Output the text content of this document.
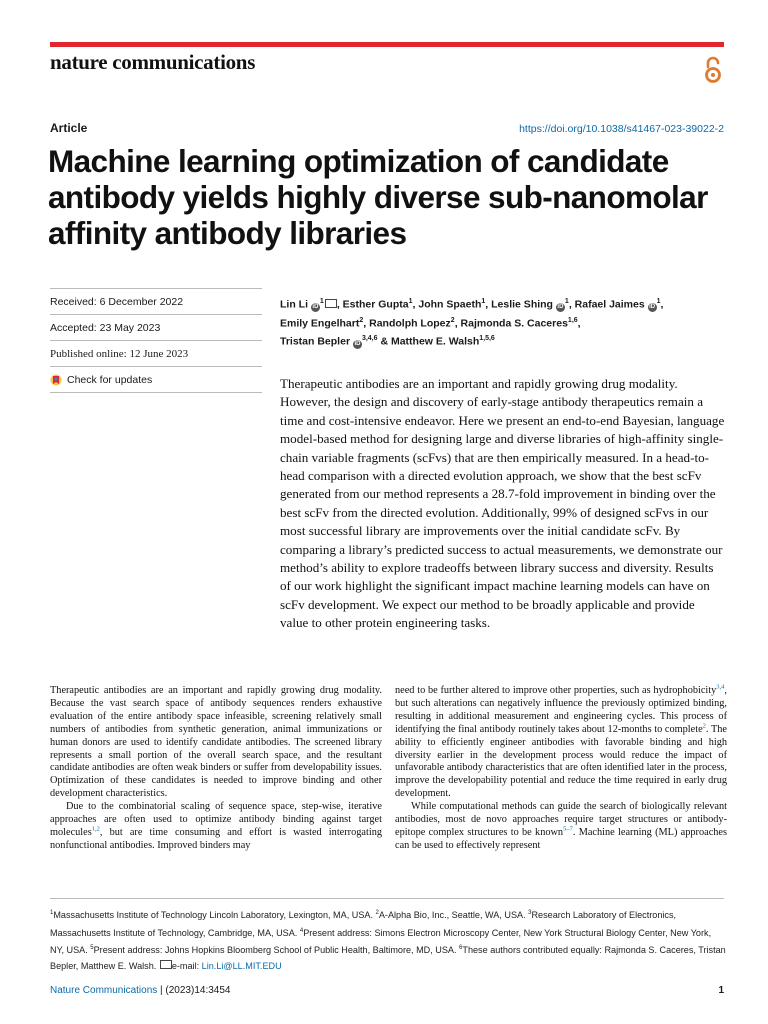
nature communications
Article	https://doi.org/10.1038/s41467-023-39022-2
Machine learning optimization of candidate antibody yields highly diverse sub-nanomolar affinity antibody libraries
Received: 6 December 2022
Accepted: 23 May 2023
Published online: 12 June 2023
Check for updates
Lin Li $iD^1$ , Esther Gupta$^1$, John Spaeth$^1$, Leslie Shing $iD^1$, Rafael Jaimes $iD^1$,
Emily Engelhart$^2$, Randolph Lopez$^2$, Rajmonda S. Caceres$^{1,6}$,
Tristan Bepler iD$^{3,4,6}$ & Matthew E. Walsh$^{1,5,6}$

Therapeutic antibodies are an important and rapidly growing drug modality. However, the design and discovery of early-stage antibody therapeutics remain a time and cost-intensive endeavor. Here we present an end-to-end Bayesian, language model-based method for designing large and diverse libraries of high-affinity single-chain variable fragments (scFvs) that are then empirically measured. In a head-to-head comparison with a directed evolution approach, we show that the best scFv generated from our method represents a 28.7-fold improvement in binding over the best scFv from the directed evolution. Additionally, 99% of designed scFvs in our most successful library are improvements over the initial candidate scFv. By comparing a library’s predicted success to actual measurements, we demonstrate our method’s ability to explore tradeoffs between library success and diversity. Results of our work highlight the significant impact machine learning models can have on scFv development. We expect our method to be broadly applicable and provide value to other protein engineering tasks.

Therapeutic antibodies are an important and rapidly growing drug modality. Because the vast search space of antibody sequences renders exhaustive evaluation of the entire antibody space infeasible, screening relatively small numbers of antibodies from synthetic generation, animal immunizations or human donors are used to identify candidate antibodies. The screened library represents a small portion of the overall search space, and the resultant candidate antibodies are often weak binders or suffer from developability issues. Optimization of these candidates is needed to improve binding and other development characteristics.

Due to the combinatorial scaling of sequence space, step-wise, iterative approaches are often used to optimize antibody binding against target molecules$^{1,2}$, but are time consuming and effort is wasted interrogating nonfunctional antibodies. Improved binders may

need to be further altered to improve other properties, such as hydrophobicity$^{3,4}$, but such alterations can negatively influence the previously optimized binding, resulting in additional measurement and engineering cycles. This process of identifying the final antibody routinely takes about 12-months to complete$^2$. The ability to efficiently engineer antibodies with favorable binding and high diversity earlier in the development process would reduce the impact of unfavorable antibody characteristics that are often identified later in the process, improve the developability potential and reduce the time required in early drug development.

While computational methods can guide the search of biologically relevant antibodies, most de novo approaches require target structures or antibody-epitope complex structures to be known$^{5-7}$. Machine learning (ML) approaches can be used to effectively represent

$^1$Massachusetts Institute of Technology Lincoln Laboratory, Lexington, MA, USA. $^2$A-Alpha Bio, Inc., Seattle, WA, USA. $^3$Research Laboratory of Electronics, Massachusetts Institute of Technology, Cambridge, MA, USA. $^4$Present address: Simons Electron Microscopy Center, New York Structural Biology Center, New York, NY, USA. $^5$Present address: Johns Hopkins Bloomberg School of Public Health, Baltimore, MD, USA. $^6$These authors contributed equally: Rajmonda S. Caceres, Tristan Bepler, Matthew E. Walsh. e-mail: Lin.Li@LL.MIT.EDU
Nature Communications | (2023)14:3454	1
